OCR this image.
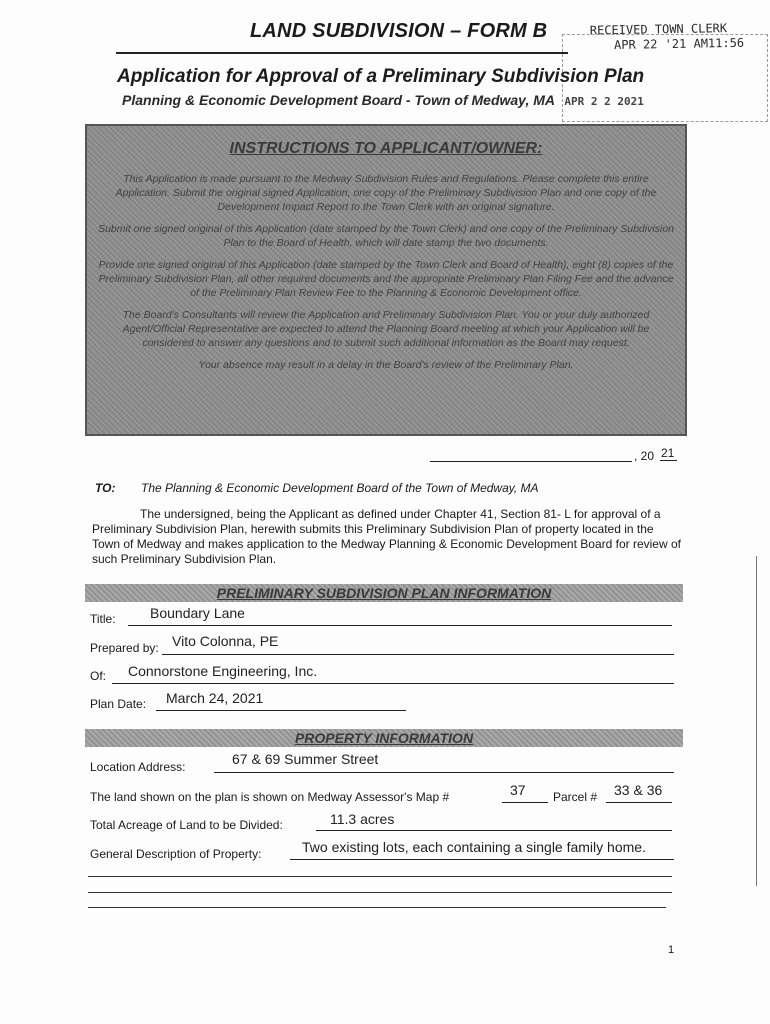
LAND SUBDIVISION – FORM B	RECEIVED TOWN CLERK
APR 22 '21 AM11:56
Application for Approval of a Preliminary Subdivision Plan
Planning & Economic Development Board - Town of Medway, MA APR 2 2 2021
INSTRUCTIONS TO APPLICANT/OWNER:

This Application is made pursuant to the Medway Subdivision Rules and Regulations. Please complete this entire Application. Submit the original signed Application, one copy of the Preliminary Subdivision Plan and one copy of the Development Impact Report to the Town Clerk with an original signature.

Submit one signed original of this Application (date stamped by the Town Clerk) and one copy of the Preliminary Subdivision Plan to the Board of Health, which will date stamp the two documents.

Provide one signed original of this Application (date stamped by the Town Clerk and Board of Health), eight (8) copies of the Preliminary Subdivision Plan, all other required documents and the appropriate Preliminary Plan Filing Fee and the advance of the Preliminary Plan Review Fee to the Planning & Economic Development office.

The Board's Consultants will review the Application and Preliminary Subdivision Plan. You or your duly authorized Agent/Official Representative are expected to attend the Planning Board meeting at which your Application will be considered to answer any questions and to submit such additional information as the Board may request.

Your absence may result in a delay in the Board's review of the Preliminary Plan.

, 20 21
TO: The Planning & Economic Development Board of the Town of Medway, MA
The undersigned, being the Applicant as defined under Chapter 41, Section 81- L for approval of a Preliminary Subdivision Plan, herewith submits this Preliminary Subdivision Plan of property located in the Town of Medway and makes application to the Medway Planning & Economic Development Board for review of such Preliminary Subdivision Plan.
PRELIMINARY SUBDIVISION PLAN INFORMATION
Title: Boundary Lane
Prepared by: Vito Colonna, PE
Of: Connorstone Engineering, Inc.
Plan Date: March 24, 2021
PROPERTY INFORMATION
Location Address:	67 & 69 Summer Street
The land shown on the plan is shown on Medway Assessor's Map #	37 Parcel # 33 & 36
Total Acreage of Land to be Divided:	11.3 acres
General Description of Property:	Two existing lots, each containing a single family home.
1
